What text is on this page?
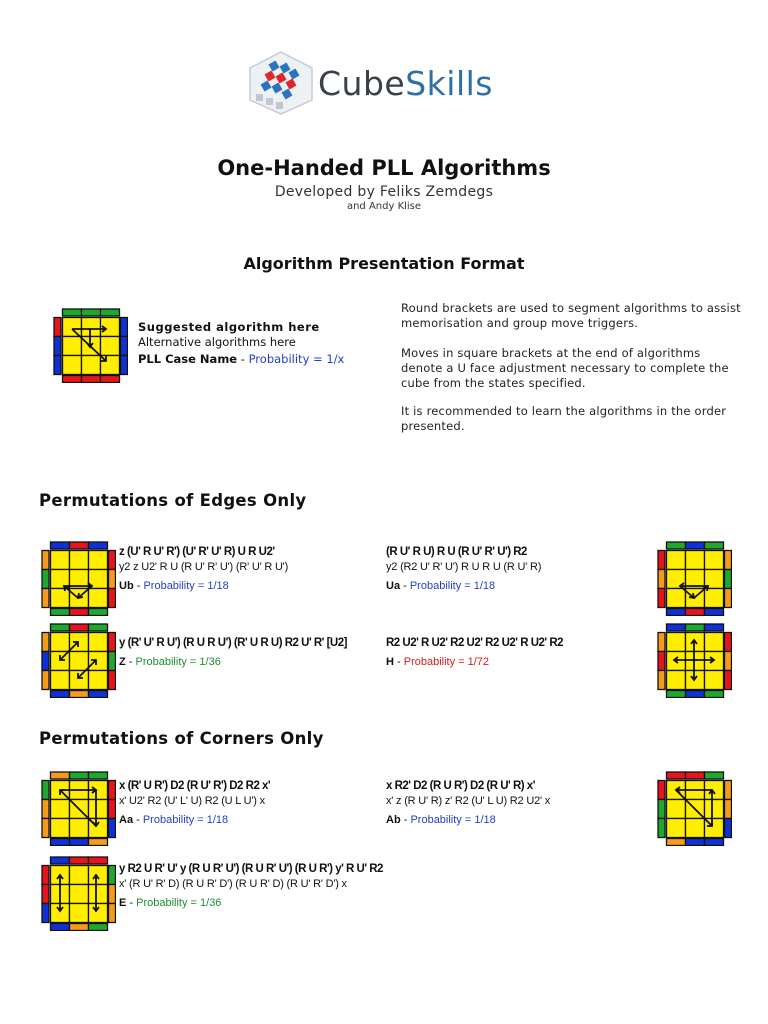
CubeSkills
One-Handed PLL Algorithms
Developed by Feliks Zemdegs
and Andy Klise
Algorithm Presentation Format
Suggested algorithm here
Alternative algorithms here
PLL Case Name - Probability = 1/x
Round brackets are used to segment algorithms to assist memorisation and group move triggers.
Moves in square brackets at the end of algorithms denote a U face adjustment necessary to complete the cube from the states specified.
It is recommended to learn the algorithms in the order presented.
Permutations of Edges Only
z (U' R U' R') (U' R' U' R) U R U2'
y2 z U2' R U (R U' R' U') (R' U' R U')
Ub - Probability = 1/18
(R U' R U) R U (R U' R' U') R2
y2 (R2 U' R' U') R U R U (R U' R)
Ua - Probability = 1/18
y (R' U' R U') (R U R U') (R' U R U) R2 U' R' [U2]
Z - Probability = 1/36
R2 U2' R U2' R2 U2' R2 U2' R U2' R2
H - Probability = 1/72
Permutations of Corners Only
x (R' U R') D2 (R U' R') D2 R2 x'
x' U2' R2 (U' L' U) R2 (U L U') x
Aa - Probability = 1/18
x R2' D2 (R U R') D2 (R U' R) x'
x' z (R U' R) z' R2 (U' L U) R2 U2' x
Ab - Probability = 1/18
y R2 U R' U' y (R U R' U') (R U R' U') (R U R') y' R U' R2
x' (R U' R' D) (R U R' D') (R U R' D) (R U' R' D') x
E - Probability = 1/36
